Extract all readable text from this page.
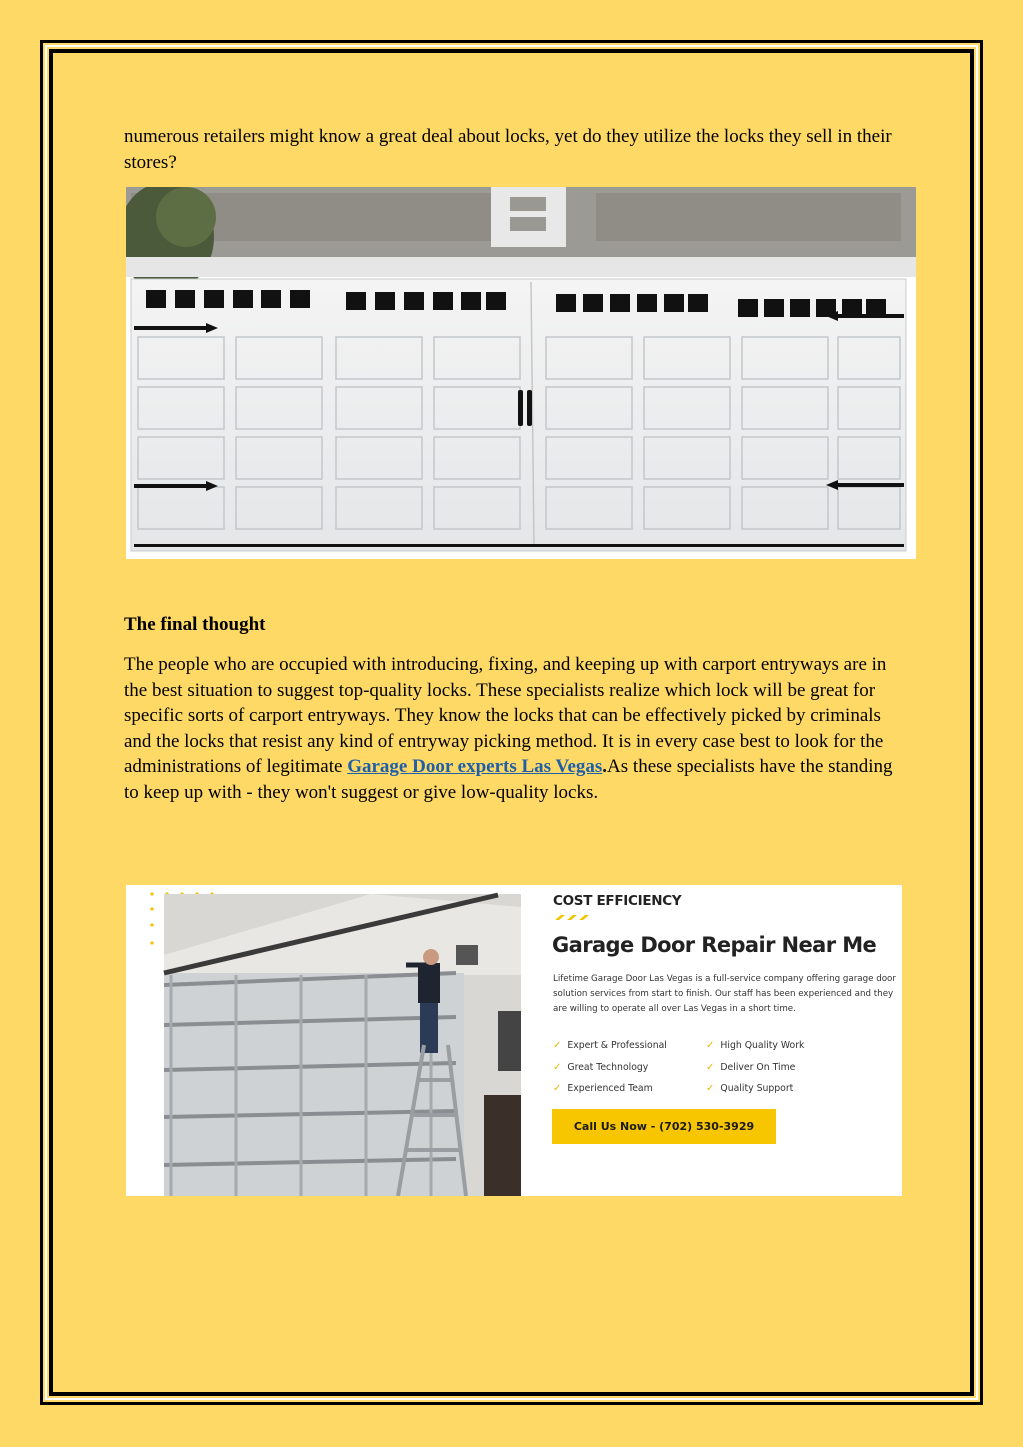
numerous retailers might know a great deal about locks, yet do they utilize the locks they sell in their stores?

The final thought

The people who are occupied with introducing, fixing, and keeping up with carport entryways are in the best situation to suggest top-quality locks. These specialists realize which lock will be great for specific sorts of carport entryways. They know the locks that can be effectively picked by criminals and the locks that resist any kind of entryway picking method. It is in every case best to look for the administrations of legitimate Garage Door experts Las Vegas.As these specialists have the standing to keep up with - they won't suggest or give low-quality locks.

COST EFFICIENCY

Garage Door Repair Near Me

Lifetime Garage Door Las Vegas is a full-service company offering garage door solution services from start to finish. Our staff has been experienced and they are willing to operate all over Las Vegas in a short time.

✓ Expert & Professional
✓ Great Technology
✓ Experienced Team
✓ High Quality Work
✓ Deliver On Time
✓ Quality Support
Call Us Now - (702) 530-3929
